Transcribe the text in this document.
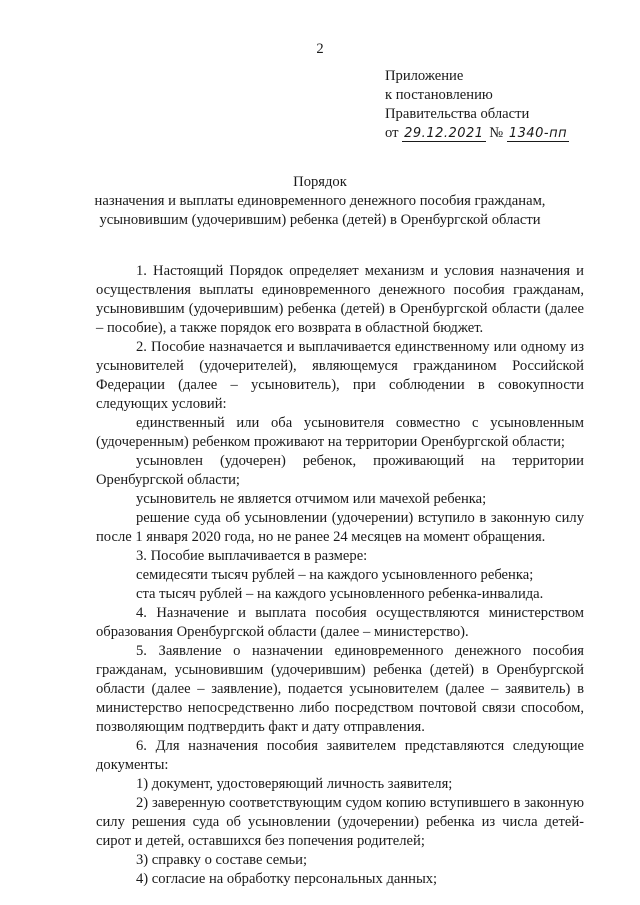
2
Приложение
к постановлению
Правительства области
от 29.12.2021 № 1340-пп
Порядок
назначения и выплаты единовременного денежного пособия гражданам,
усыновившим (удочерившим) ребенка (детей) в Оренбургской области
1. Настоящий Порядок определяет механизм и условия назначения и осуществления выплаты единовременного денежного пособия гражданам, усыновившим (удочерившим) ребенка (детей) в Оренбургской области (далее – пособие), а также порядок его возврата в областной бюджет.
2. Пособие назначается и выплачивается единственному или одному из усыновителей (удочерителей), являющемуся гражданином Российской Федерации (далее – усыновитель), при соблюдении в совокупности следующих условий:
единственный или оба усыновителя совместно с усыновленным (удочеренным) ребенком проживают на территории Оренбургской области;
усыновлен (удочерен) ребенок, проживающий на территории Оренбургской области;
усыновитель не является отчимом или мачехой ребенка;
решение суда об усыновлении (удочерении) вступило в законную силу после 1 января 2020 года, но не ранее 24 месяцев на момент обращения.
3. Пособие выплачивается в размере:
семидесяти тысяч рублей – на каждого усыновленного ребенка;
ста тысяч рублей – на каждого усыновленного ребенка-инвалида.
4. Назначение и выплата пособия осуществляются министерством образования Оренбургской области (далее – министерство).
5. Заявление о назначении единовременного денежного пособия гражданам, усыновившим (удочерившим) ребенка (детей) в Оренбургской области (далее – заявление), подается усыновителем (далее – заявитель) в министерство непосредственно либо посредством почтовой связи способом, позволяющим подтвердить факт и дату отправления.
6. Для назначения пособия заявителем представляются следующие документы:
1) документ, удостоверяющий личность заявителя;
2) заверенную соответствующим судом копию вступившего в законную силу решения суда об усыновлении (удочерении) ребенка из числа детей-сирот и детей, оставшихся без попечения родителей;
3) справку о составе семьи;
4) согласие на обработку персональных данных;
